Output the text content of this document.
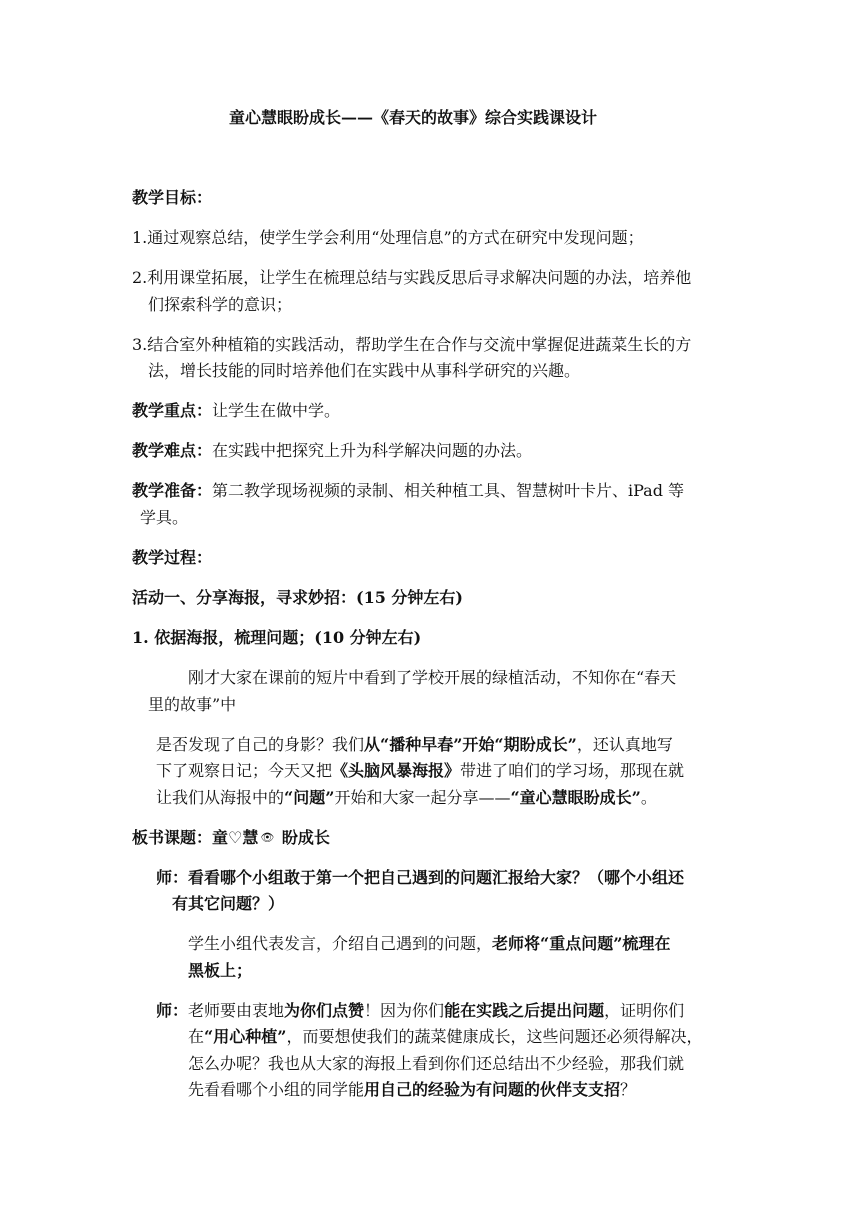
童心慧眼盼成长——《春天的故事》综合实践课设计
教学目标：
1.通过观察总结，使学生学会利用“处理信息”的方式在研究中发现问题；
2.利用课堂拓展，让学生在梳理总结与实践反思后寻求解决问题的办法，培养他
们探索科学的意识；
3.结合室外种植箱的实践活动，帮助学生在合作与交流中掌握促进蔬菜生长的方
法，增长技能的同时培养他们在实践中从事科学研究的兴趣。
教学重点：让学生在做中学。
教学难点：在实践中把探究上升为科学解决问题的办法。
教学准备：第二教学现场视频的录制、相关种植工具、智慧树叶卡片、iPad 等
学具。
教学过程：
活动一、分享海报，寻求妙招：(15 分钟左右)
1. 依据海报，梳理问题；(10 分钟左右)
刚才大家在课前的短片中看到了学校开展的绿植活动，不知你在“春天
里的故事”中
是否发现了自己的身影？我们从“播种早春”开始“期盼成长”，还认真地写
下了观察日记；今天又把《头脑风暴海报》带进了咱们的学习场，那现在就
让我们从海报中的“问题”开始和大家一起分享——“童心慧眼盼成长”。
板书课题：童♡慧 👁 盼成长
师：看看哪个小组敢于第一个把自己遇到的问题汇报给大家？（哪个小组还
有其它问题？）
学生小组代表发言，介绍自己遇到的问题，老师将“重点问题”梳理在
黑板上；
师：老师要由衷地为你们点赞！因为你们能在实践之后提出问题，证明你们
在“用心种植”，而要想使我们的蔬菜健康成长，这些问题还必须得解决，
怎么办呢？我也从大家的海报上看到你们还总结出不少经验，那我们就
先看看哪个小组的同学能用自己的经验为有问题的伙伴支支招？
